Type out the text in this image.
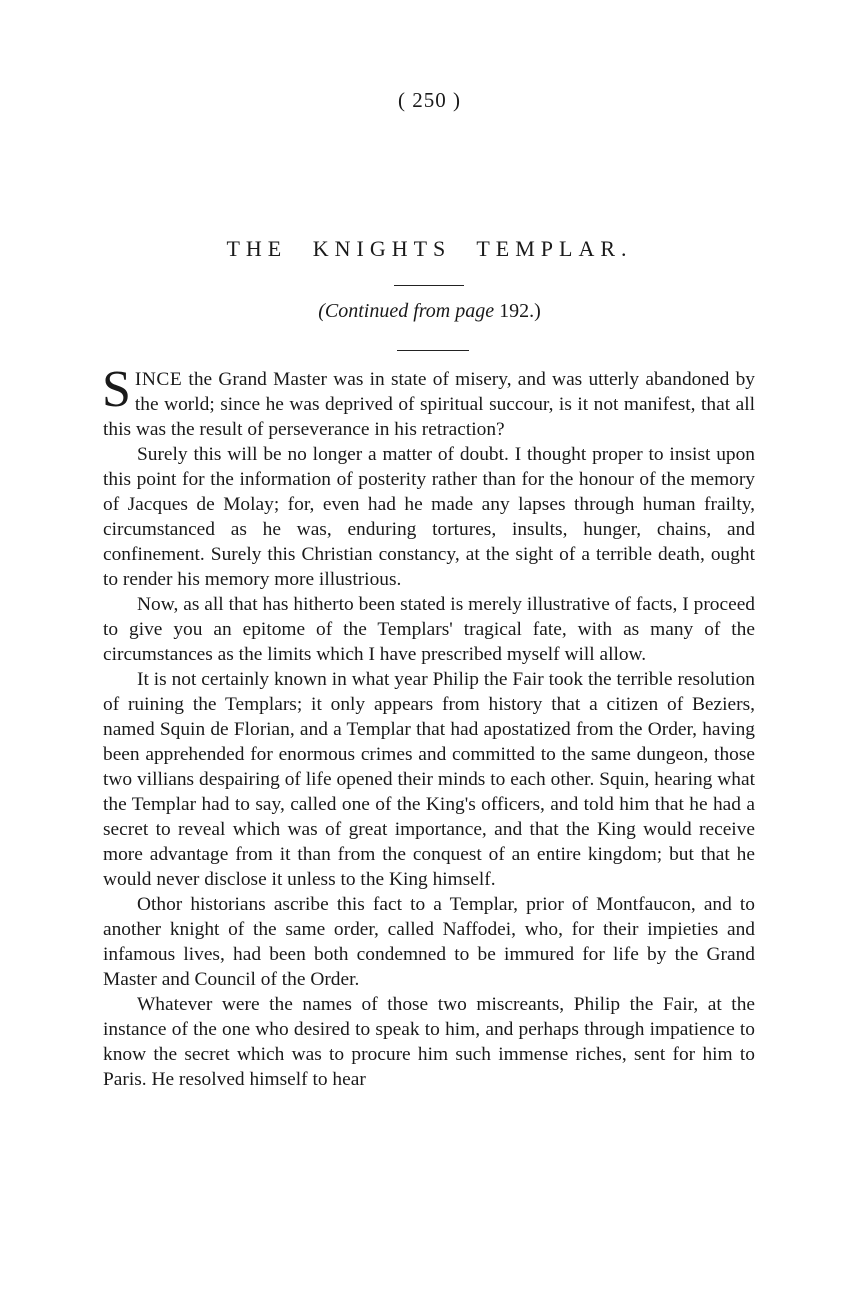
( 250 )
THE KNIGHTS TEMPLAR.
(Continued from page 192.)

SINCE the Grand Master was in state of misery, and was utterly abandoned by the world; since he was deprived of spiritual succour, is it not manifest, that all this was the result of perseverance in his retraction?

Surely this will be no longer a matter of doubt. I thought proper to insist upon this point for the information of posterity rather than for the honour of the memory of Jacques de Molay; for, even had he made any lapses through human frailty, circumstanced as he was, enduring tortures, insults, hunger, chains, and confinement. Surely this Christian constancy, at the sight of a terrible death, ought to render his memory more illustrious.

Now, as all that has hitherto been stated is merely illustrative of facts, I proceed to give you an epitome of the Templars' tragical fate, with as many of the circumstances as the limits which I have prescribed myself will allow.

It is not certainly known in what year Philip the Fair took the terrible resolution of ruining the Templars; it only appears from history that a citizen of Beziers, named Squin de Florian, and a Templar that had apostatized from the Order, having been apprehended for enormous crimes and committed to the same dungeon, those two villians despairing of life opened their minds to each other. Squin, hearing what the Templar had to say, called one of the King's officers, and told him that he had a secret to reveal which was of great importance, and that the King would receive more advantage from it than from the conquest of an entire kingdom; but that he would never disclose it unless to the King himself.

Othor historians ascribe this fact to a Templar, prior of Montfaucon, and to another knight of the same order, called Naffodei, who, for their impieties and infamous lives, had been both condemned to be immured for life by the Grand Master and Council of the Order.

Whatever were the names of those two miscreants, Philip the Fair, at the instance of the one who desired to speak to him, and perhaps through impatience to know the secret which was to procure him such immense riches, sent for him to Paris. He resolved himself to hear
